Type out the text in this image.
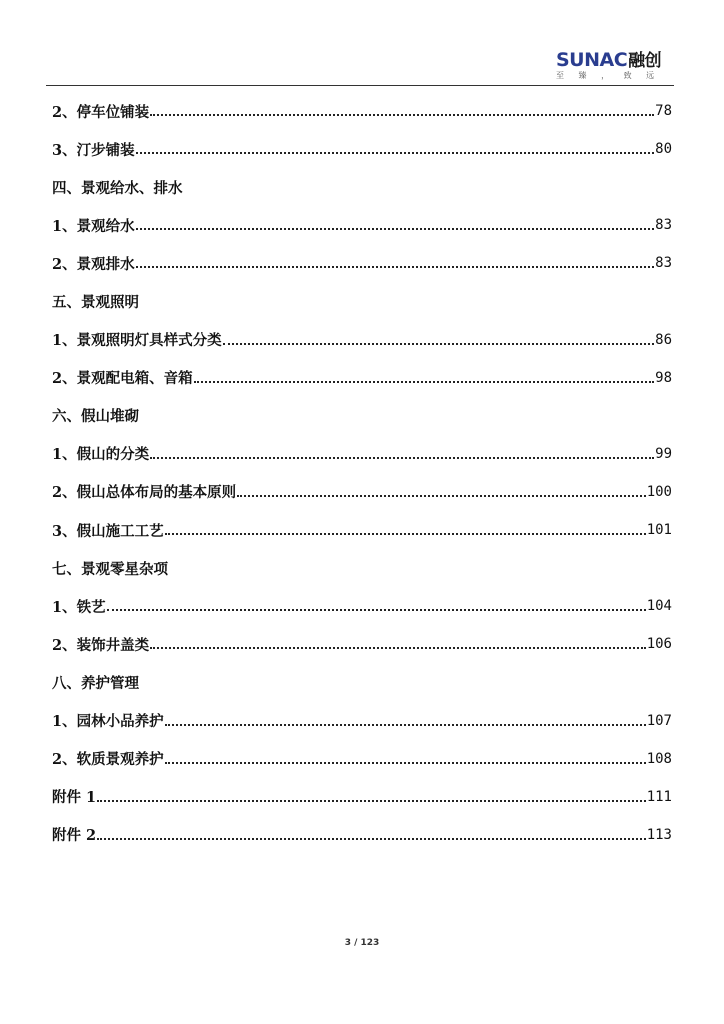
SUNAC融创
至 臻 ， 致 远
2、停车位铺装	78
3、汀步铺装	80
四、景观给水、排水
1、景观给水	83
2、景观排水	83
五、景观照明
1、景观照明灯具样式分类	86
2、景观配电箱、音箱	98
六、假山堆砌
1、假山的分类	99
2、假山总体布局的基本原则	100
3、假山施工工艺	101
七、景观零星杂项
1、铁艺	104
2、装饰井盖类	106
八、养护管理
1、园林小品养护	107
2、软质景观养护	108
附件 1	111
附件 2	113
3 / 123
